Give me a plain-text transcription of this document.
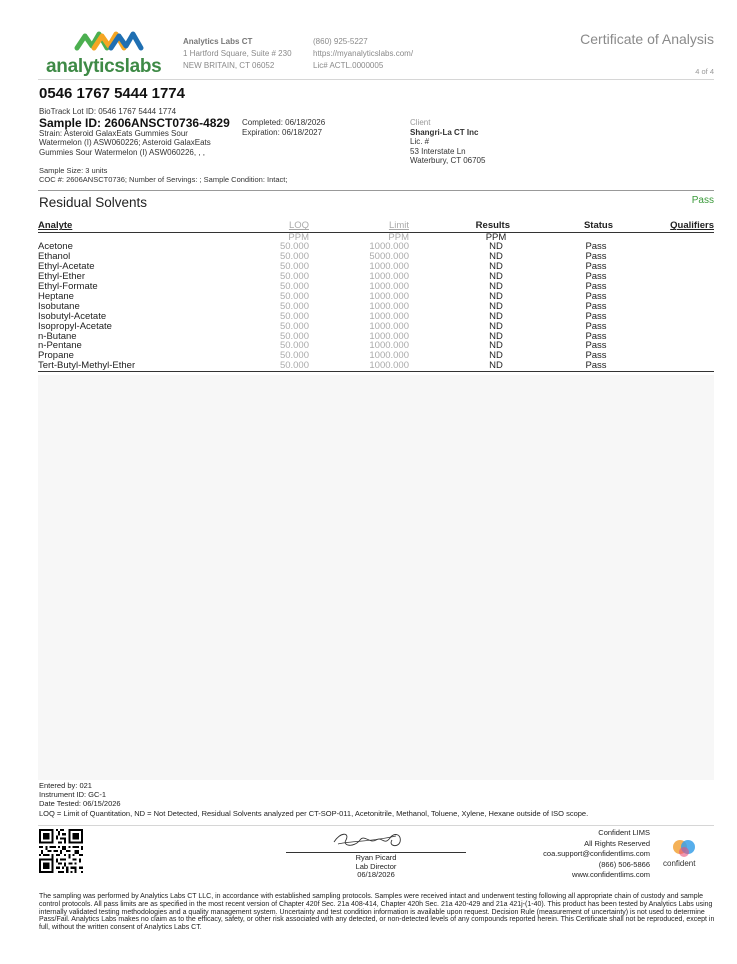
analyticslabs
Analytics Labs CT
1 Hartford Square, Suite # 230
NEW BRITAIN, CT 06052
(860) 925-5227
https://myanalyticslabs.com/
Lic# ACTL.0000005
Certificate of Analysis
4 of 4
0546 1767 5444 1774
BioTrack Lot ID: 0546 1767 5444 1774
Sample ID: 2606ANSCT0736-4829
Strain: Asteroid GalaxEats Gummies Sour
Watermelon (I) ASW060226; Asteroid GalaxEats
Gummies Sour Watermelon (I) ASW060226, , ,
Completed: 06/18/2026
Expiration: 06/18/2027
Client
Shangri-La CT Inc
Lic. #
53 Interstate Ln
Waterbury, CT 06705
Sample Size: 3 units
COC #: 2606ANSCT0736; Number of Servings: ; Sample Condition: Intact;
Residual Solvents	Pass
Analyte	LOQ	Limit	Results	Status	Qualifiers
	PPM	PPM	PPM		
Acetone	50.000	1000.000	ND	Pass	
Ethanol	50.000	5000.000	ND	Pass	
Ethyl-Acetate	50.000	1000.000	ND	Pass	
Ethyl-Ether	50.000	1000.000	ND	Pass	
Ethyl-Formate	50.000	1000.000	ND	Pass	
Heptane	50.000	1000.000	ND	Pass	
Isobutane	50.000	1000.000	ND	Pass	
Isobutyl-Acetate	50.000	1000.000	ND	Pass	
Isopropyl-Acetate	50.000	1000.000	ND	Pass	
n-Butane	50.000	1000.000	ND	Pass	
n-Pentane	50.000	1000.000	ND	Pass	
Propane	50.000	1000.000	ND	Pass	
Tert-Butyl-Methyl-Ether	50.000	1000.000	ND	Pass	
Entered by: 021
Instrument ID: GC-1
Date Tested: 06/15/2026
LOQ = Limit of Quantitation, ND = Not Detected, Residual Solvents analyzed per CT-SOP-011, Acetonitrile, Methanol, Toluene, Xylene, Hexane outside of ISO scope.
Ryan Picard
Lab Director
06/18/2026
Confident LIMS
All Rights Reserved
coa.support@confidentlims.com
(866) 506-5866
www.confidentlims.com
confident
The sampling was performed by Analytics Labs CT LLC, in accordance with established sampling protocols. Samples were received intact and underwent testing following all appropriate chain of custody and sample control protocols. All pass limits are as specified in the most recent version of Chapter 420f Sec. 21a 408-414, Chapter 420h Sec. 21a 420-429 and 21a 421j-(1-40). This product has been tested by Analytics Labs using internally validated testing methodologies and a quality management system. Uncertainty and test condition information is available upon request. Decision Rule (measurement of uncertainty) is not used to determine Pass/Fail. Analytics Labs makes no claim as to the efficacy, safety, or other risk associated with any detected, or non-detected levels of any compounds reported herein. This Certificate shall not be reproduced, except in full, without the written consent of Analytics Labs CT.
